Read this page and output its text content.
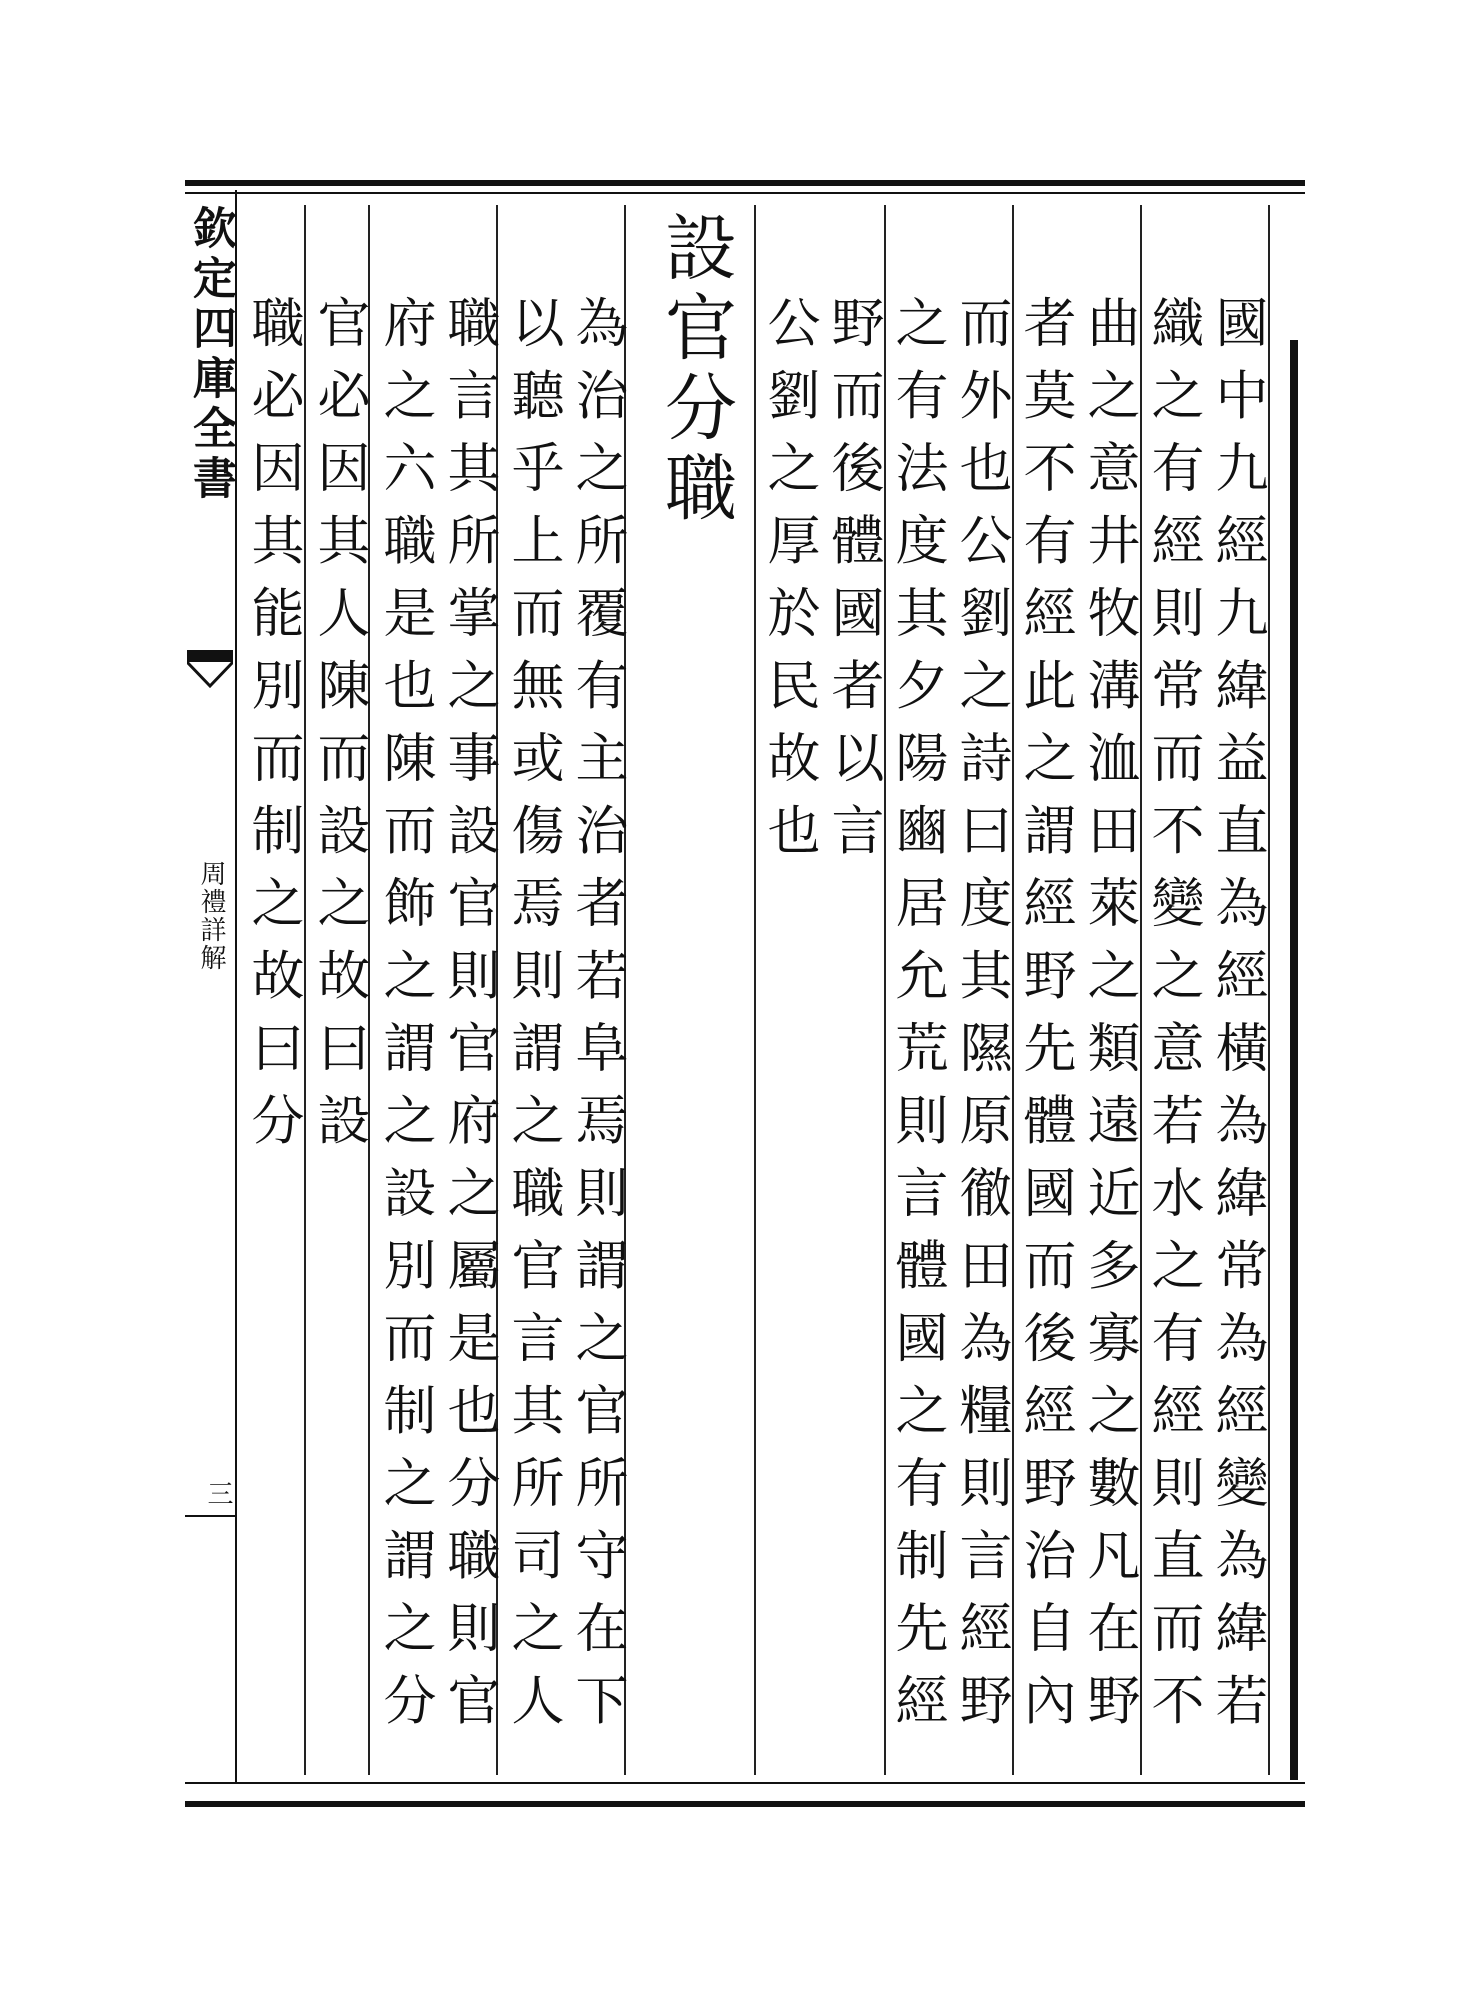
欽定四庫全書
周禮詳解
三
設官分職	國中九經九緯益直為經橫為緯常為經變為緯若
織之有經則常而不變之意若水之有經則直而不
曲之意井牧溝洫田萊之類遠近多寡之數凡在野
者莫不有經此之謂經野先體國而後經野治自內
而外也公劉之詩曰度其隰原徹田為糧則言經野
之有法度其夕陽豳居允荒則言體國之有制先經
野而後體國者以言
公劉之厚於民故也
為治之所覆有主治者若阜焉則謂之官所守在下
以聽乎上而無或傷焉則謂之職官言其所司之人
職言其所掌之事設官則官府之屬是也分職則官
府之六職是也陳而飾之謂之設別而制之謂之分
官必因其人陳而設之故曰設
職必因其能別而制之故曰分
